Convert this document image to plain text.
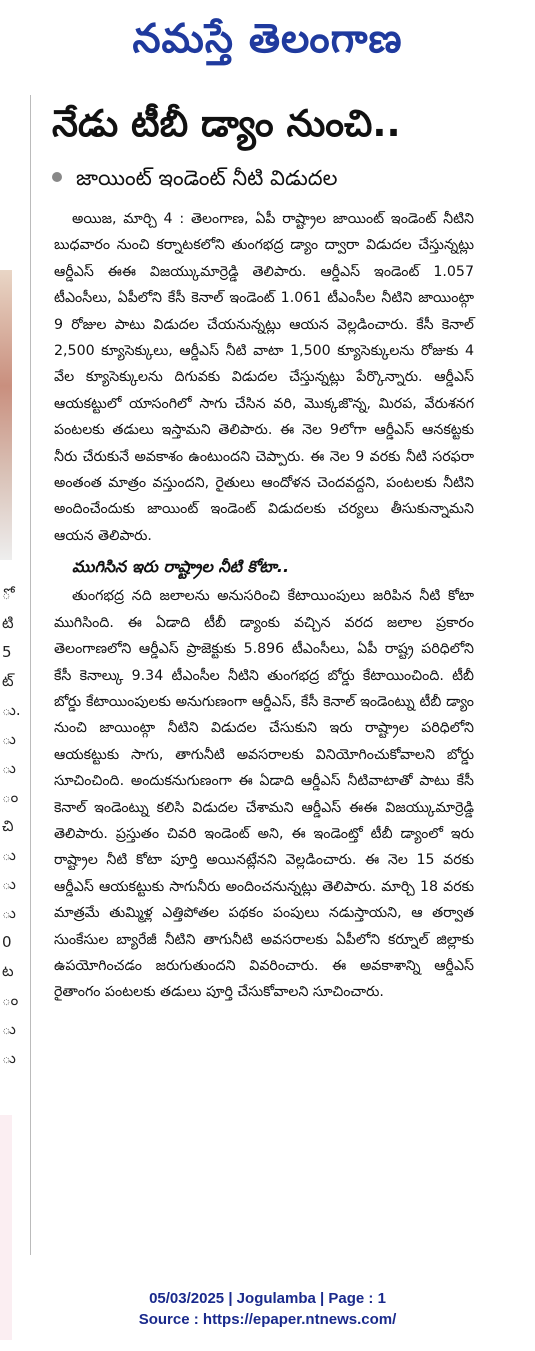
నమస్తే తెలంగాణ
ో
టి
5
ట్
ు.
ు
ు
ం
చి
ు
ు
ు
0
ట
ం
ు
ు
నేడు టీబీ డ్యాం నుంచి..
జాయింట్ ఇండెంట్ నీటి విడుదల

అయిజ, మార్చి 4 : తెలంగాణ, ఏపీ రాష్ట్రాల జాయింట్ ఇండెంట్ నీటిని బుధవారం నుంచి కర్నాటకలోని తుంగభద్ర డ్యాం ద్వారా విడుదల చేస్తున్నట్లు ఆర్డీఎస్ ఈఈ విజయ్కుమార్రెడ్డి తెలిపారు. ఆర్డీఎస్ ఇండెంట్ 1.057 టీఎంసీలు, ఏపీలోని కేసీ కెనాల్ ఇండెంట్ 1.061 టీఎంసీల నీటిని జాయింట్గా 9 రోజుల పాటు విడుదల చేయనున్నట్లు ఆయన వెల్లడించారు. కేసీ కెనాల్ 2,500 క్యూసెక్కులు, ఆర్డీఎస్ నీటి వాటా 1,500 క్యూసెక్కులను రోజుకు 4 వేల క్యూసెక్కులను దిగువకు విడుదల చేస్తున్నట్లు పేర్కొన్నారు. ఆర్డీఎస్ ఆయకట్టులో యాసంగిలో సాగు చేసిన వరి, మొక్కజొన్న, మిరప, వేరుశనగ పంటలకు తడులు ఇస్తామని తెలిపారు. ఈ నెల 9లోగా ఆర్డీఎస్ ఆనకట్టకు నీరు చేరుకునే అవకాశం ఉంటుందని చెప్పారు. ఈ నెల 9 వరకు నీటి సరఫరా అంతంత మాత్రం వస్తుందని, రైతులు ఆందోళన చెందవద్దని, పంటలకు నీటిని అందించేందుకు జాయింట్ ఇండెంట్ విడుదలకు చర్యలు తీసుకున్నామని ఆయన తెలిపారు.

ముగిసిన ఇరు రాష్ట్రాల నీటి కోటా..

తుంగభద్ర నది జలాలను అనుసరించి కేటాయింపులు జరిపిన నీటి కోటా ముగిసింది. ఈ ఏడాది టీబీ డ్యాంకు వచ్చిన వరద జలాల ప్రకారం తెలంగాణలోని ఆర్డీఎస్ ప్రాజెక్టుకు 5.896 టీఎంసీలు, ఏపీ రాష్ట్ర పరిధిలోని కేసీ కెనాల్కు 9.34 టీఎంసీల నీటిని తుంగభద్ర బోర్డు కేటాయించింది. టీబీ బోర్డు కేటాయింపులకు అనుగుణంగా ఆర్డీఎస్, కేసీ కెనాల్ ఇండెంట్ను టీబీ డ్యాం నుంచి జాయింట్గా నీటిని విడుదల చేసుకుని ఇరు రాష్ట్రాల పరిధిలోని ఆయకట్టుకు సాగు, తాగునీటి అవసరాలకు వినియోగించుకోవాలని బోర్డు సూచించింది. అందుకనుగుణంగా ఈ ఏడాది ఆర్డీఎస్ నీటివాటాతో పాటు కేసీ కెనాల్ ఇండెంట్ను కలిసి విడుదల చేశామని ఆర్డీఎస్ ఈఈ విజయ్కుమార్రెడ్డి తెలిపారు. ప్రస్తుతం చివరి ఇండెంట్ అని, ఈ ఇండెంట్తో టీబీ డ్యాంలో ఇరు రాష్ట్రాల నీటి కోటా పూర్తి అయినట్లేనని వెల్లడించారు. ఈ నెల 15 వరకు ఆర్డీఎస్ ఆయకట్టుకు సాగునీరు అందించనున్నట్లు తెలిపారు. మార్చి 18 వరకు మాత్రమే తుమ్మిళ్ల ఎత్తిపోతల పథకం పంపులు నడుస్తాయని, ఆ తర్వాత సుంకేసుల బ్యారేజీ నీటిని తాగునీటి అవసరాలకు ఏపీలోని కర్నూల్ జిల్లాకు ఉపయోగించడం జరుగుతుందని వివరించారు. ఈ అవకాశాన్ని ఆర్డీఎస్ రైతాంగం పంటలకు తడులు పూర్తి చేసుకోవాలని సూచించారు.

05/03/2025 | Jogulamba | Page : 1
Source : https://epaper.ntnews.com/
